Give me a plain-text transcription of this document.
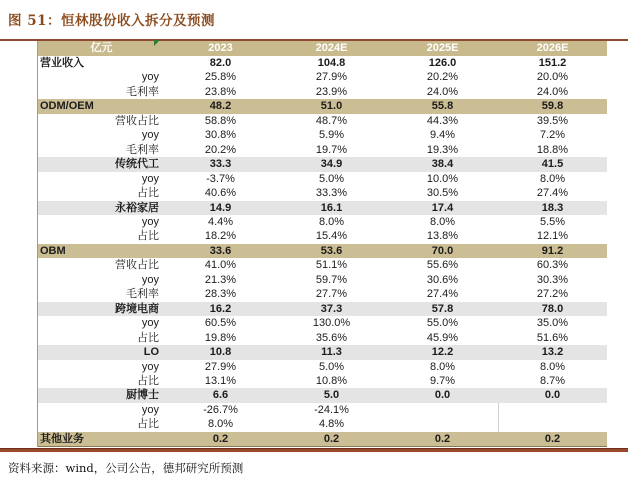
图 51：恒林股份收入拆分及预测
亿元	2023	2024E	2025E	2026E
营业收入	82.0	104.8	126.0	151.2
yoy	25.8%	27.9%	20.2%	20.0%
毛利率	23.8%	23.9%	24.0%	24.0%
ODM/OEM	48.2	51.0	55.8	59.8
营收占比	58.8%	48.7%	44.3%	39.5%
yoy	30.8%	5.9%	9.4%	7.2%
毛利率	20.2%	19.7%	19.3%	18.8%
传统代工	33.3	34.9	38.4	41.5
yoy	-3.7%	5.0%	10.0%	8.0%
占比	40.6%	33.3%	30.5%	27.4%
永裕家居	14.9	16.1	17.4	18.3
yoy	4.4%	8.0%	8.0%	5.5%
占比	18.2%	15.4%	13.8%	12.1%
OBM	33.6	53.6	70.0	91.2
营收占比	41.0%	51.1%	55.6%	60.3%
yoy	21.3%	59.7%	30.6%	30.3%
毛利率	28.3%	27.7%	27.4%	27.2%
跨境电商	16.2	37.3	57.8	78.0
yoy	60.5%	130.0%	55.0%	35.0%
占比	19.8%	35.6%	45.9%	51.6%
LO	10.8	11.3	12.2	13.2
yoy	27.9%	5.0%	8.0%	8.0%
占比	13.1%	10.8%	9.7%	8.7%
厨博士	6.6	5.0	0.0	0.0
yoy	-26.7%	-24.1%		
占比	8.0%	4.8%		
其他业务	0.2	0.2	0.2	0.2
资料来源：wind，公司公告，德邦研究所预测
